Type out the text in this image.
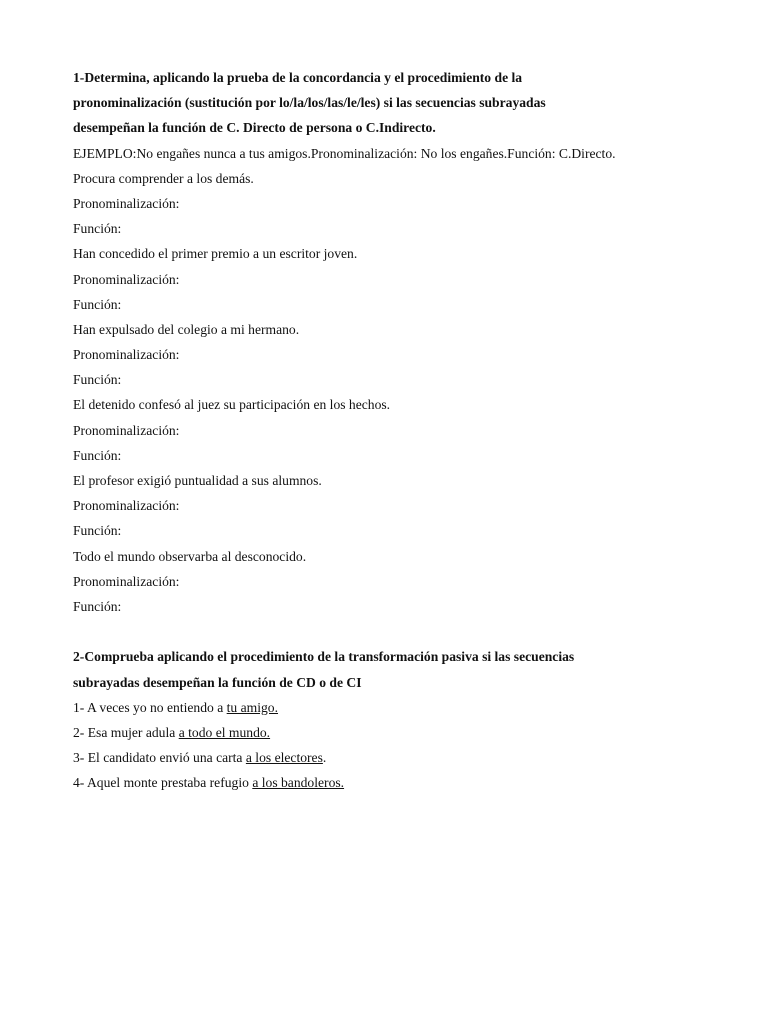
1-Determina, aplicando la prueba de la concordancia y el procedimiento de la
pronominalización (sustitución por lo/la/los/las/le/les) si las secuencias subrayadas
desempeñan la función de C. Directo de persona o C.Indirecto.
EJEMPLO:No engañes nunca a tus amigos.Pronominalización: No los engañes.Función: C.Directo.
Procura comprender a los demás.
Pronominalización:
Función:
Han concedido el primer premio a un escritor joven.
Pronominalización:
Función:
Han expulsado del colegio a mi hermano.
Pronominalización:
Función:
El detenido confesó al juez su participación en los hechos.
Pronominalización:
Función:
El profesor exigió puntualidad a sus alumnos.
Pronominalización:
Función:
Todo el mundo observarba al desconocido.
Pronominalización:
Función:
2-Comprueba aplicando el procedimiento de la transformación pasiva si las secuencias
subrayadas desempeñan la función de CD o de CI
1- A veces yo no entiendo a tu amigo.
2- Esa mujer adula a todo el mundo.
3- El candidato envió una carta a los electores.
4- Aquel monte prestaba refugio a los bandoleros.
